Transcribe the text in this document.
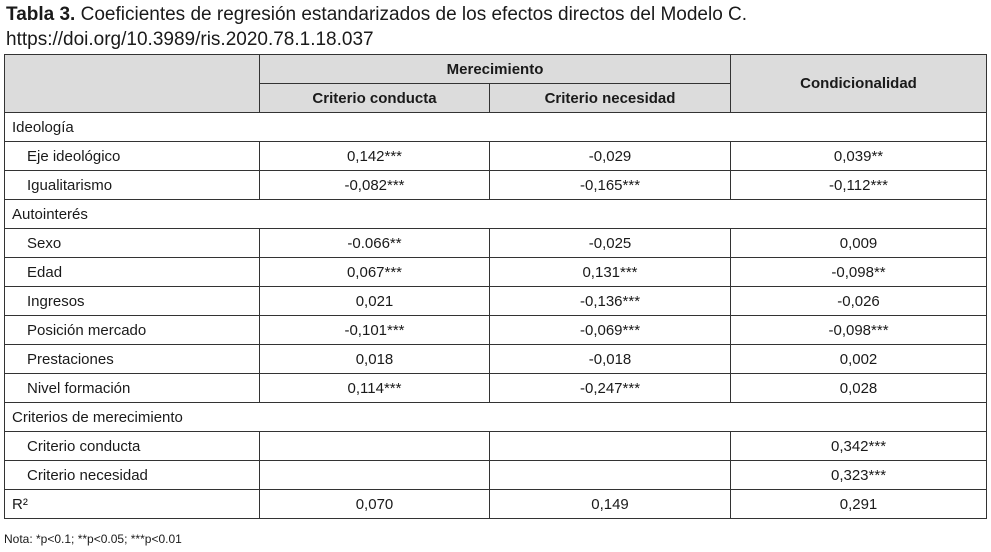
Tabla 3. Coeficientes de regresión estandarizados de los efectos directos del Modelo C.
https://doi.org/10.3989/ris.2020.78.1.18.037
	Merecimiento		Condicionalidad
	Criterio conducta	Criterio necesidad	
Ideología			
Eje ideológico	0,142***	-0,029	0,039**
Igualitarismo	-0,082***	-0,165***	-0,112***
Autointerés			
Sexo	-0.066**	-0,025	0,009
Edad	0,067***	0,131***	-0,098**
Ingresos	0,021	-0,136***	-0,026
Posición mercado	-0,101***	-0,069***	-0,098***
Prestaciones	0,018	-0,018	0,002
Nivel formación	0,114***	-0,247***	0,028
Criterios de merecimiento			
Criterio conducta			0,342***
Criterio necesidad			0,323***
R²	0,070	0,149	0,291
Nota: *p<0.1; **p<0.05; ***p<0.01
